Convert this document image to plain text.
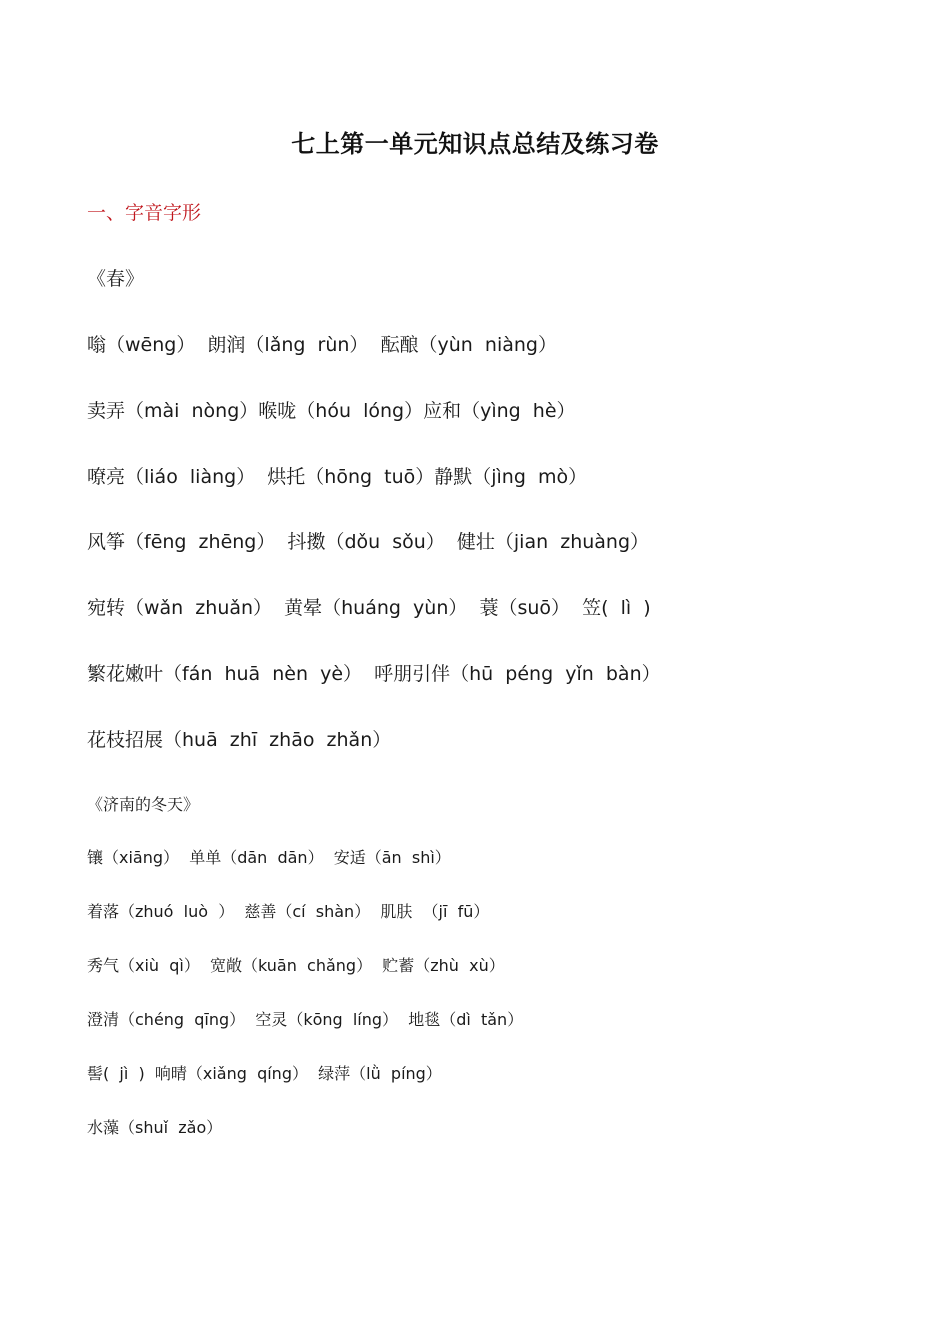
七上第一单元知识点总结及练习卷
一、字音字形
《春》
嗡（wēng）  朗润（lǎng  rùn）  酝酿（yùn  niàng）
卖弄（mài  nòng）喉咙（hóu  lóng）应和（yìng  hè）
嘹亮（liáo  liàng）  烘托（hōng  tuō）静默（jìng  mò）
风筝（fēng  zhēng）  抖擞（dǒu  sǒu）  健壮（jian  zhuàng）
宛转（wǎn  zhuǎn）  黄晕（huáng  yùn）  蓑（suō）  笠(  lì  )
繁花嫩叶（fán  huā  nèn  yè）  呼朋引伴（hū  péng  yǐn  bàn）
花枝招展（huā  zhī  zhāo  zhǎn）
《济南的冬天》
镶（xiāng）  单单（dān  dān）  安适（ān  shì）
着落（zhuó  luò  ）  慈善（cí  shàn）  肌肤  （jī  fū）
秀气（xiù  qì）  宽敞（kuān  chǎng）  贮蓄（zhù  xù）
澄清（chéng  qīng）  空灵（kōng  líng）  地毯（dì  tǎn）
髻(  jì  )  响晴（xiǎng  qíng）  绿萍（lǜ  píng）
水藻（shuǐ  zǎo）
